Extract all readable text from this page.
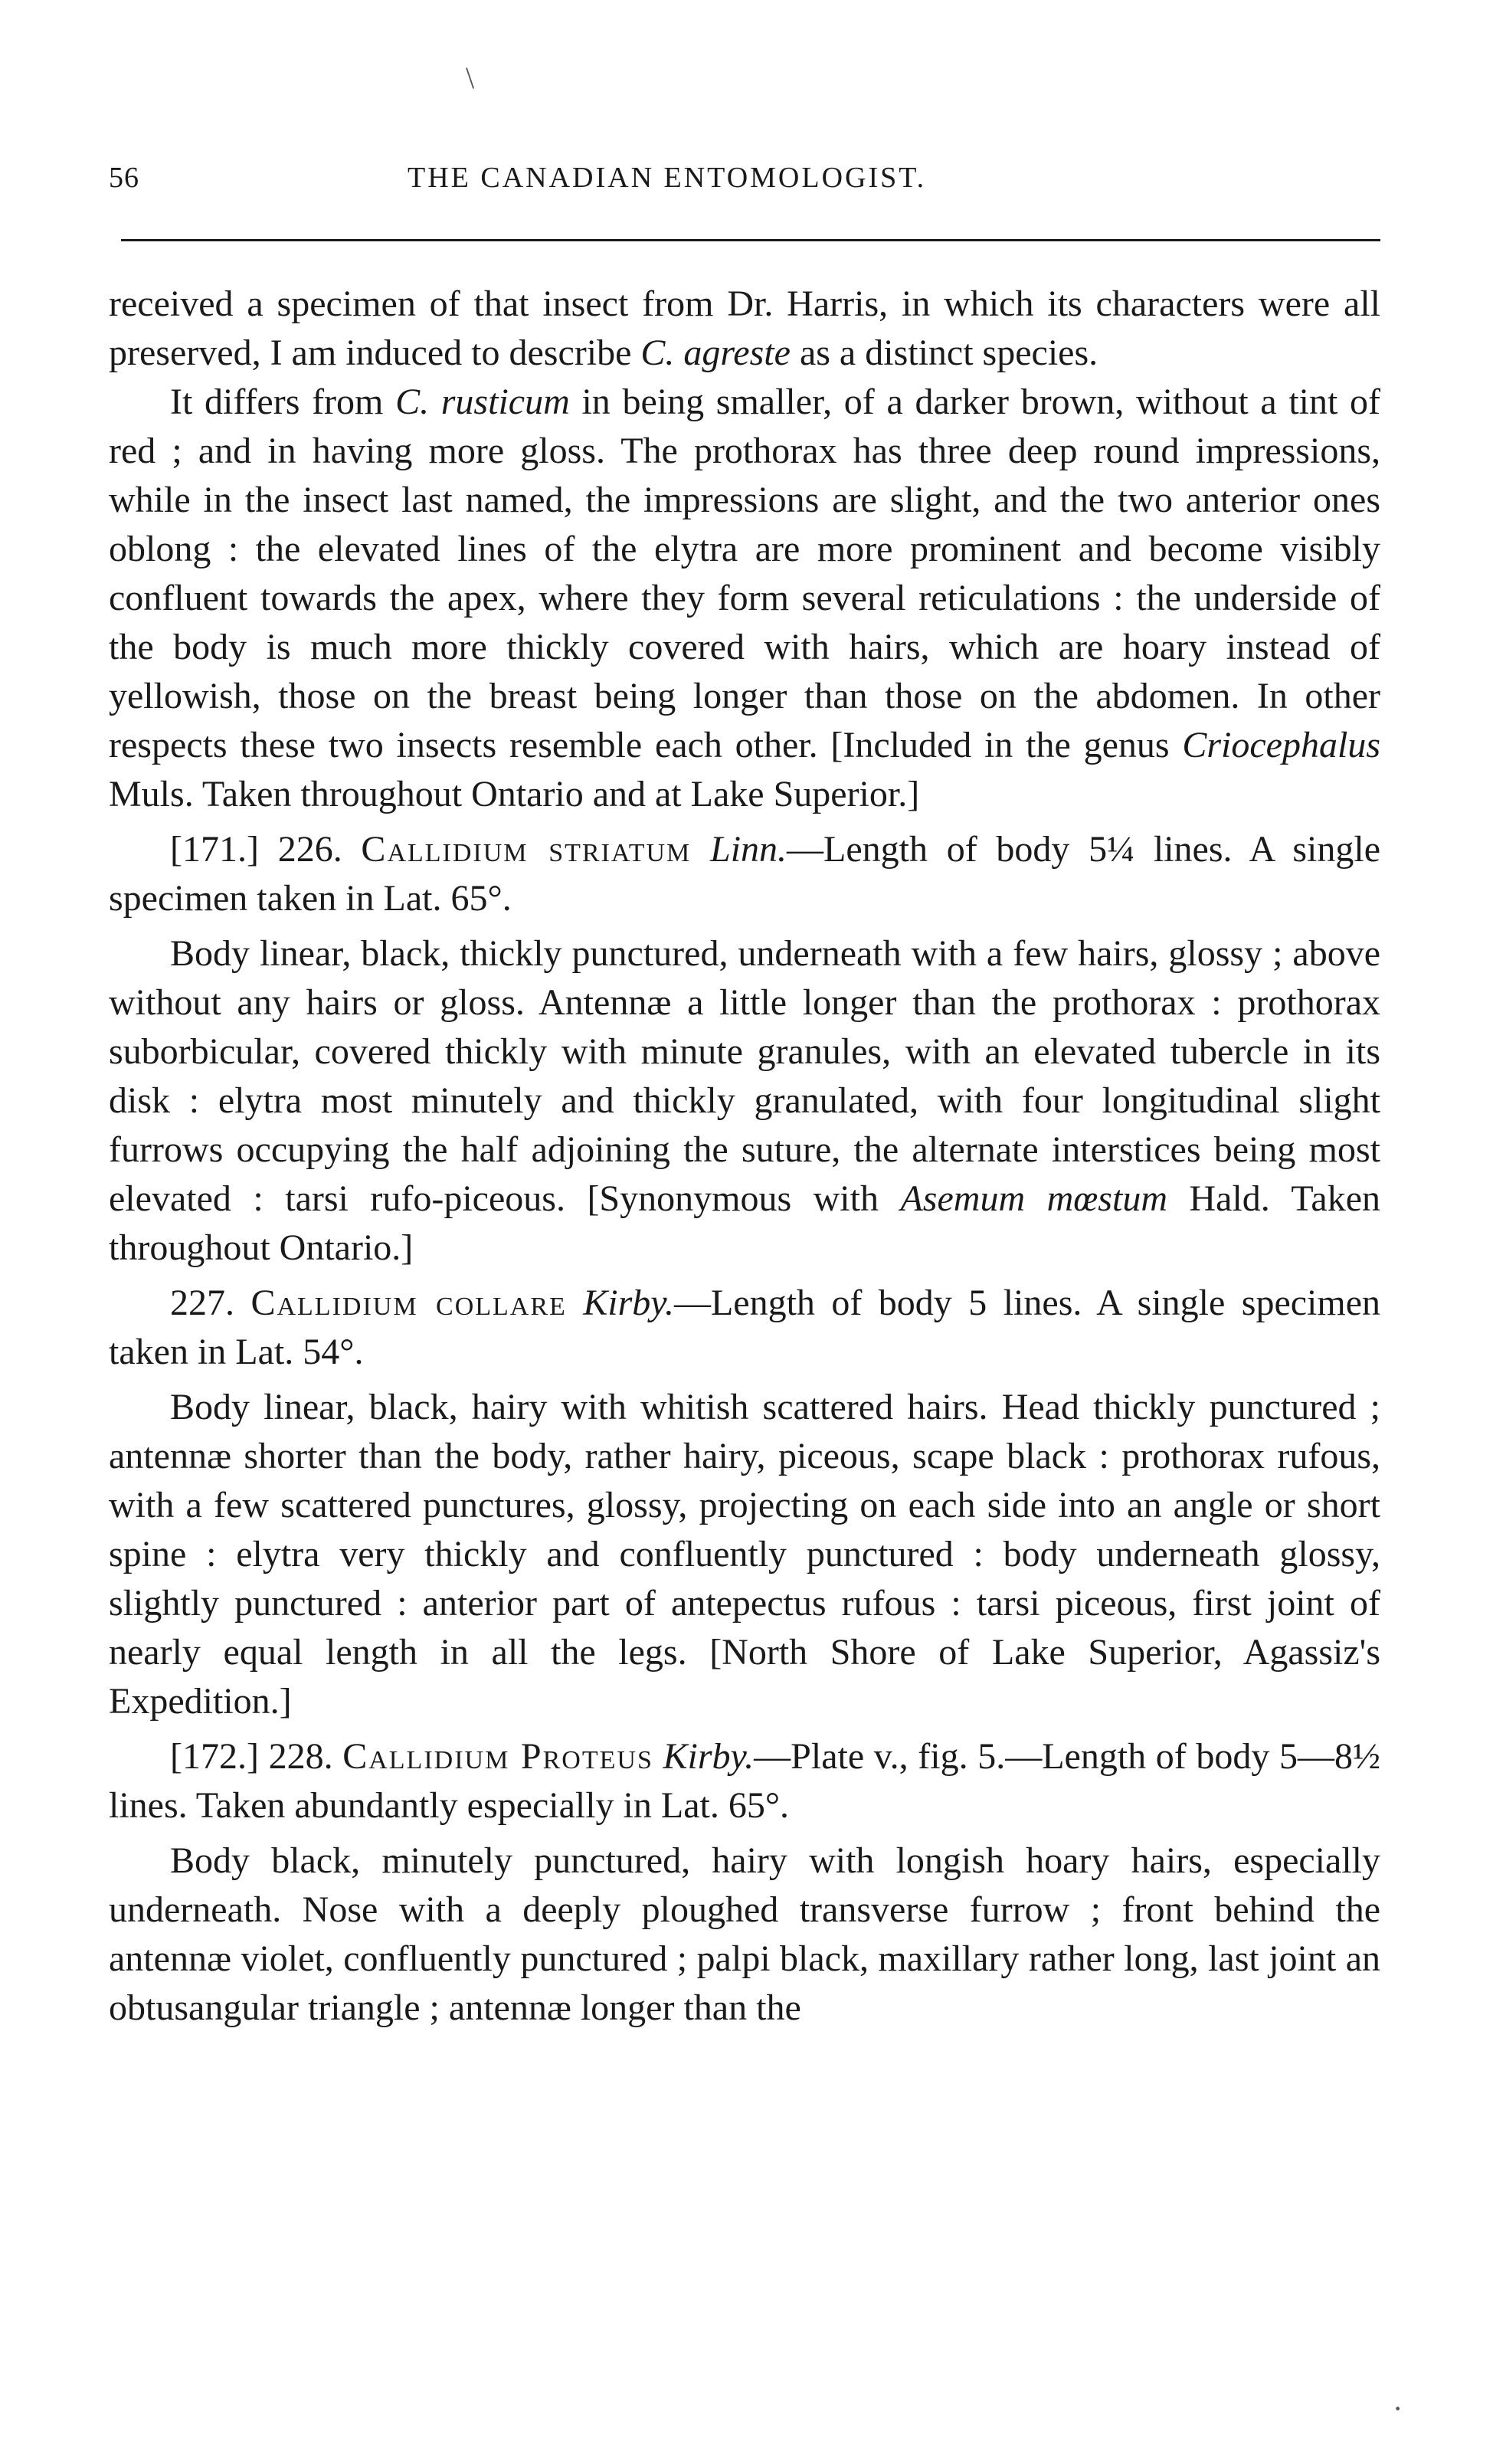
\
56	THE CANADIAN ENTOMOLOGIST.

received a specimen of that insect from Dr. Harris, in which its characters were all preserved, I am induced to describe C. agreste as a distinct species.

It differs from C. rusticum in being smaller, of a darker brown, without a tint of red ; and in having more gloss. The prothorax has three deep round impressions, while in the insect last named, the impressions are slight, and the two anterior ones oblong : the elevated lines of the elytra are more prominent and become visibly confluent towards the apex, where they form several reticulations : the underside of the body is much more thickly covered with hairs, which are hoary instead of yellowish, those on the breast being longer than those on the abdomen. In other respects these two insects resemble each other. [Included in the genus Criocephalus Muls. Taken throughout Ontario and at Lake Superior.]

[171.] 226. Callidium striatum Linn.—Length of body 5¼ lines. A single specimen taken in Lat. 65°.

Body linear, black, thickly punctured, underneath with a few hairs, glossy ; above without any hairs or gloss. Antennæ a little longer than the prothorax : prothorax suborbicular, covered thickly with minute granules, with an elevated tubercle in its disk : elytra most minutely and thickly granulated, with four longitudinal slight furrows occupying the half adjoining the suture, the alternate interstices being most elevated : tarsi rufo-piceous. [Synonymous with Asemum mœstum Hald. Taken throughout Ontario.]

227. Callidium collare Kirby.—Length of body 5 lines. A single specimen taken in Lat. 54°.

Body linear, black, hairy with whitish scattered hairs. Head thickly punctured ; antennæ shorter than the body, rather hairy, piceous, scape black : prothorax rufous, with a few scattered punctures, glossy, projecting on each side into an angle or short spine : elytra very thickly and confluently punctured : body underneath glossy, slightly punctured : anterior part of antepectus rufous : tarsi piceous, first joint of nearly equal length in all the legs. [North Shore of Lake Superior, Agassiz's Expedition.]

[172.] 228. Callidium Proteus Kirby.—Plate v., fig. 5.—Length of body 5—8½ lines. Taken abundantly especially in Lat. 65°.

Body black, minutely punctured, hairy with longish hoary hairs, especially underneath. Nose with a deeply ploughed transverse furrow ; front behind the antennæ violet, confluently punctured ; palpi black, maxillary rather long, last joint an obtusangular triangle ; antennæ longer than the

·
